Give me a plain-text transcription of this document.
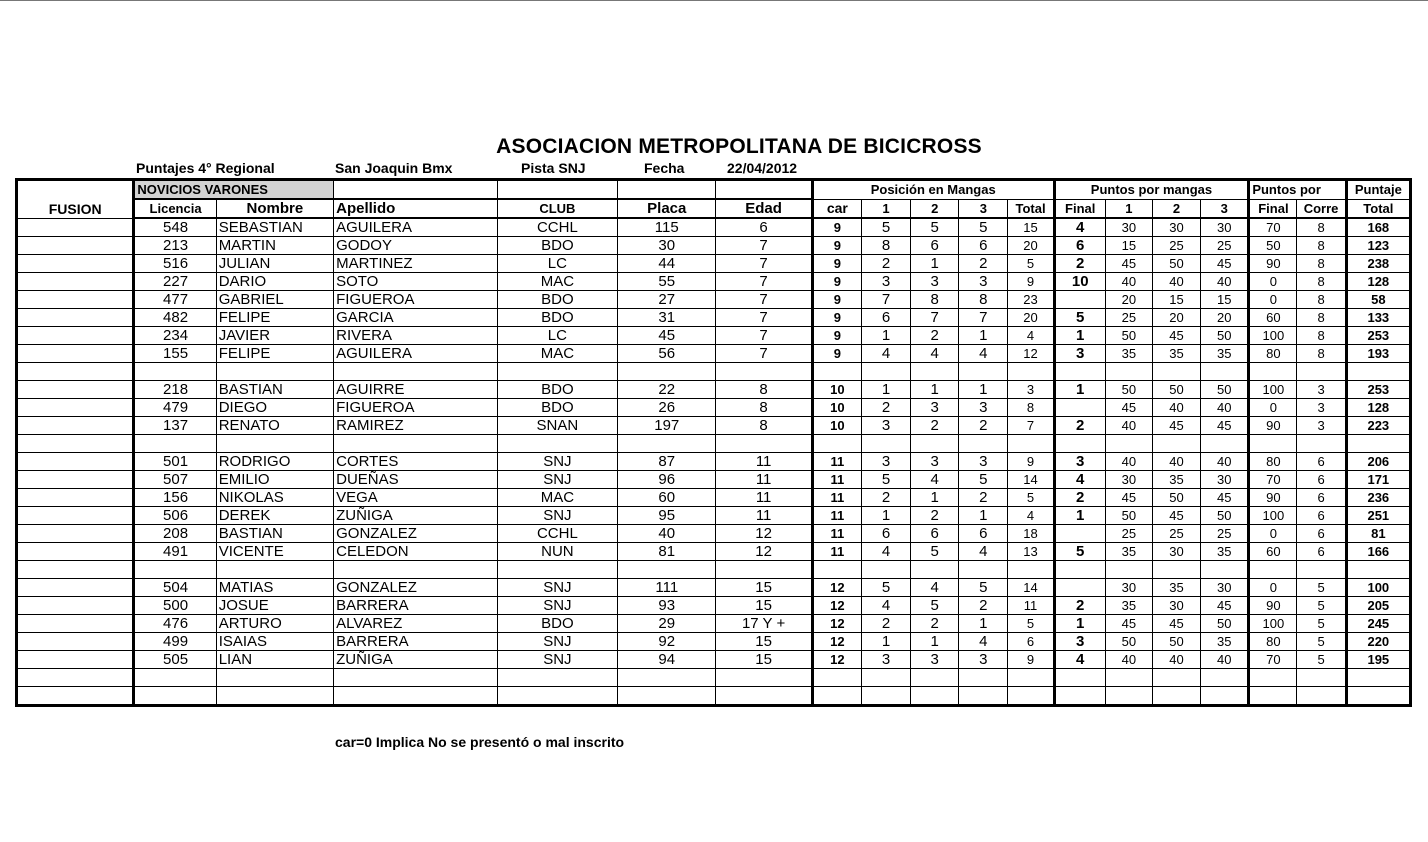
ASOCIACION METROPOLITANA DE BICICROSS
Puntajes 4° Regional	San Joaquin Bmx	Pista SNJ	Fecha	22/04/2012
FUSION	NOVICIOS VARONES						Posición en Mangas					Puntos por mangas				Puntos por		Puntaje
	Licencia	Nombre	Apellido	CLUB	Placa	Edad	car	1	2	3	Total	Final	1	2	3	Final	Corre	Total
	548	SEBASTIAN	AGUILERA	CCHL	115	6	9	5	5	5	15	4	30	30	30	70	8	168
	213	MARTIN	GODOY	BDO	30	7	9	8	6	6	20	6	15	25	25	50	8	123
	516	JULIAN	MARTINEZ	LC	44	7	9	2	1	2	5	2	45	50	45	90	8	238
	227	DARIO	SOTO	MAC	55	7	9	3	3	3	9	10	40	40	40	0	8	128
	477	GABRIEL	FIGUEROA	BDO	27	7	9	7	8	8	23		20	15	15	0	8	58
	482	FELIPE	GARCIA	BDO	31	7	9	6	7	7	20	5	25	20	20	60	8	133
	234	JAVIER	RIVERA	LC	45	7	9	1	2	1	4	1	50	45	50	100	8	253
	155	FELIPE	AGUILERA	MAC	56	7	9	4	4	4	12	3	35	35	35	80	8	193

	218	BASTIAN	AGUIRRE	BDO	22	8	10	1	1	1	3	1	50	50	50	100	3	253
	479	DIEGO	FIGUEROA	BDO	26	8	10	2	3	3	8		45	40	40	0	3	128
	137	RENATO	RAMIREZ	SNAN	197	8	10	3	2	2	7	2	40	45	45	90	3	223

	501	RODRIGO	CORTES	SNJ	87	11	11	3	3	3	9	3	40	40	40	80	6	206
	507	EMILIO	DUEÑAS	SNJ	96	11	11	5	4	5	14	4	30	35	30	70	6	171
	156	NIKOLAS	VEGA	MAC	60	11	11	2	1	2	5	2	45	50	45	90	6	236
	506	DEREK	ZUÑIGA	SNJ	95	11	11	1	2	1	4	1	50	45	50	100	6	251
	208	BASTIAN	GONZALEZ	CCHL	40	12	11	6	6	6	18		25	25	25	0	6	81
	491	VICENTE	CELEDON	NUN	81	12	11	4	5	4	13	5	35	30	35	60	6	166

	504	MATIAS	GONZALEZ	SNJ	111	15	12	5	4	5	14		30	35	30	0	5	100
	500	JOSUE	BARRERA	SNJ	93	15	12	4	5	2	11	2	35	30	45	90	5	205
	476	ARTURO	ALVAREZ	BDO	29	17 Y +	12	2	2	1	5	1	45	45	50	100	5	245
	499	ISAIAS	BARRERA	SNJ	92	15	12	1	1	4	6	3	50	50	35	80	5	220
	505	LIAN	ZUÑIGA	SNJ	94	15	12	3	3	3	9	4	40	40	40	70	5	195

car=0 Implica No se presentó o mal inscrito
